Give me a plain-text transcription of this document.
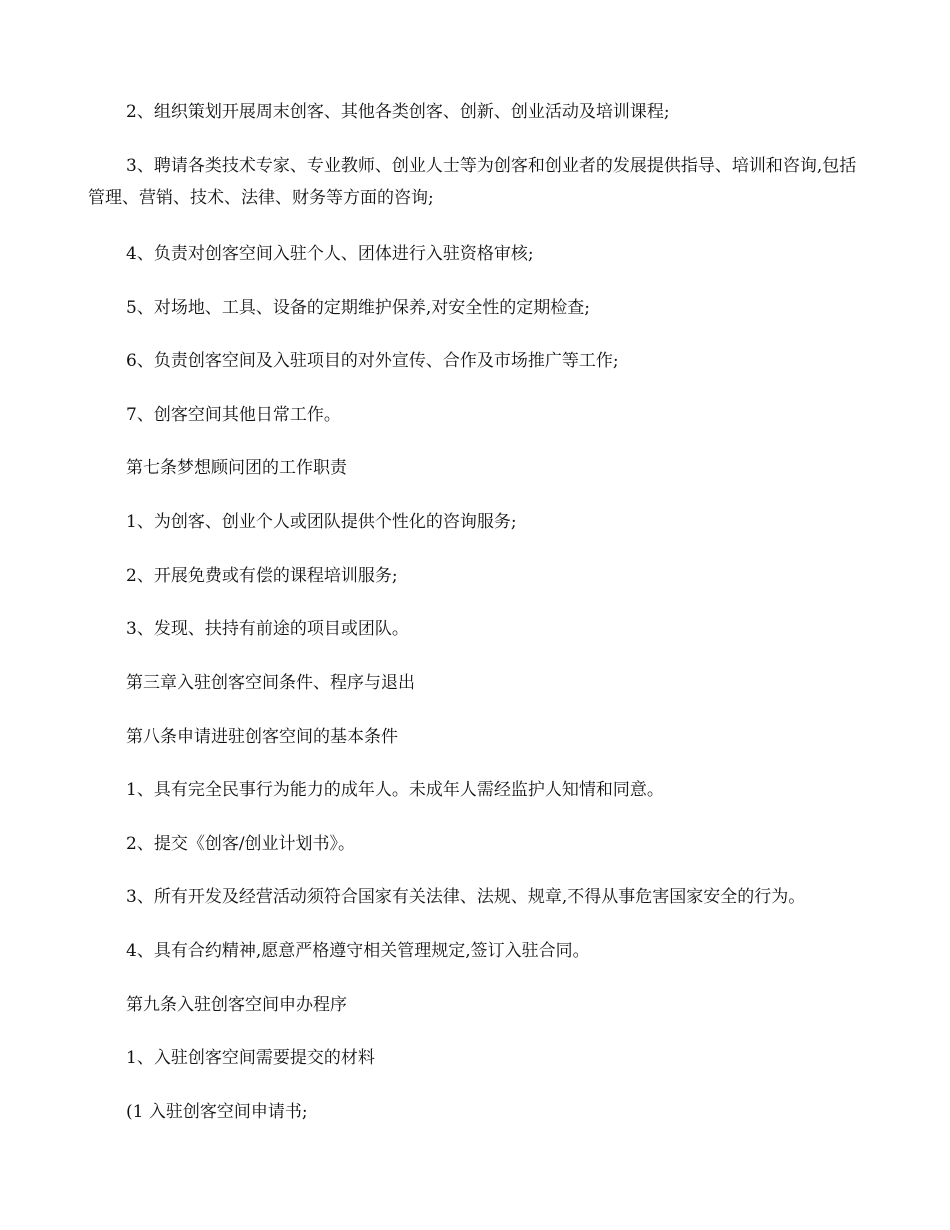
2、组织策划开展周末创客、其他各类创客、创新、创业活动及培训课程;

3、聘请各类技术专家、专业教师、创业人士等为创客和创业者的发展提供指导、培训和咨询,包括管理、营销、技术、法律、财务等方面的咨询;

4、负责对创客空间入驻个人、团体进行入驻资格审核;

5、对场地、工具、设备的定期维护保养,对安全性的定期检查;

6、负责创客空间及入驻项目的对外宣传、合作及市场推广等工作;

7、创客空间其他日常工作。

第七条梦想顾问团的工作职责

1、为创客、创业个人或团队提供个性化的咨询服务;

2、开展免费或有偿的课程培训服务;

3、发现、扶持有前途的项目或团队。

第三章入驻创客空间条件、程序与退出

第八条申请进驻创客空间的基本条件

1、具有完全民事行为能力的成年人。未成年人需经监护人知情和同意。

2、提交《创客/创业计划书》。

3、所有开发及经营活动须符合国家有关法律、法规、规章,不得从事危害国家安全的行为。

4、具有合约精神,愿意严格遵守相关管理规定,签订入驻合同。

第九条入驻创客空间申办程序

1、入驻创客空间需要提交的材料

(1 入驻创客空间申请书;
